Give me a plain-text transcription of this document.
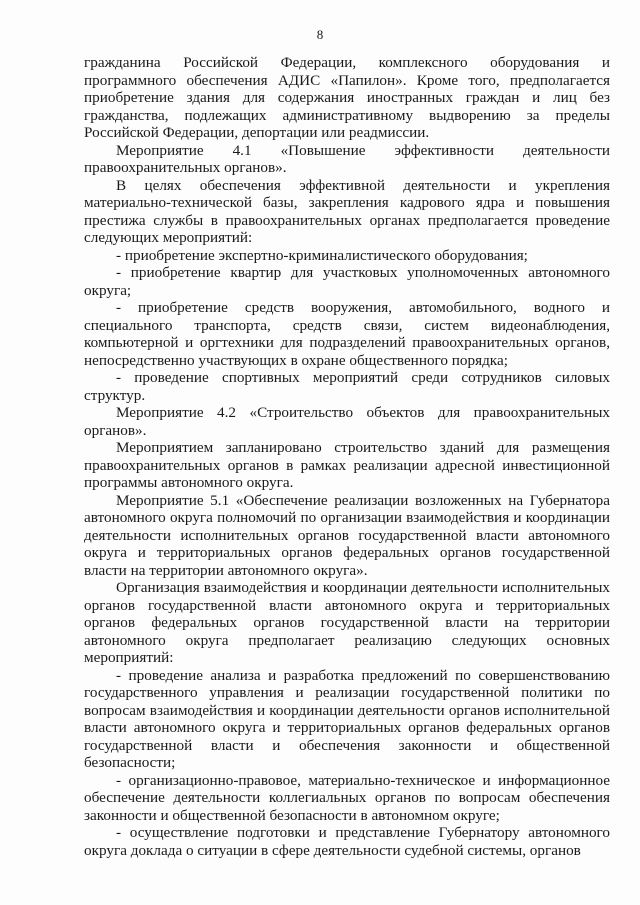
8

гражданина Российской Федерации, комплексного оборудования и программного обеспечения АДИС «Папилон». Кроме того, предполагается приобретение здания для содержания иностранных граждан и лиц без гражданства, подлежащих административному выдворению за пределы Российской Федерации, депортации или реадмиссии.

Мероприятие 4.1 «Повышение эффективности деятельности правоохранительных органов».

В целях обеспечения эффективной деятельности и укрепления материально-технической базы, закрепления кадрового ядра и повышения престижа службы в правоохранительных органах предполагается проведение следующих мероприятий:

- приобретение экспертно-криминалистического оборудования;

- приобретение квартир для участковых уполномоченных автономного округа;

- приобретение средств вооружения, автомобильного, водного и специального транспорта, средств связи, систем видеонаблюдения, компьютерной и оргтехники для подразделений правоохранительных органов, непосредственно участвующих в охране общественного порядка;

- проведение спортивных мероприятий среди сотрудников силовых структур.

Мероприятие 4.2 «Строительство объектов для правоохранительных органов».

Мероприятием запланировано строительство зданий для размещения правоохранительных органов в рамках реализации адресной инвестиционной программы автономного округа.

Мероприятие 5.1 «Обеспечение реализации возложенных на Губернатора автономного округа полномочий по организации взаимодействия и координации деятельности исполнительных органов государственной власти автономного округа и территориальных органов федеральных органов государственной власти на территории автономного округа».

Организация взаимодействия и координации деятельности исполнительных органов государственной власти автономного округа и территориальных органов федеральных органов государственной власти на территории автономного округа предполагает реализацию следующих основных мероприятий:

- проведение анализа и разработка предложений по совершенствованию государственного управления и реализации государственной политики по вопросам взаимодействия и координации деятельности органов исполнительной власти автономного округа и территориальных органов федеральных органов государственной власти и обеспечения законности и общественной безопасности;

- организационно-правовое, материально-техническое и информационное обеспечение деятельности коллегиальных органов по вопросам обеспечения законности и общественной безопасности в автономном округе;

- осуществление подготовки и представление Губернатору автономного округа доклада о ситуации в сфере деятельности судебной системы, органов
